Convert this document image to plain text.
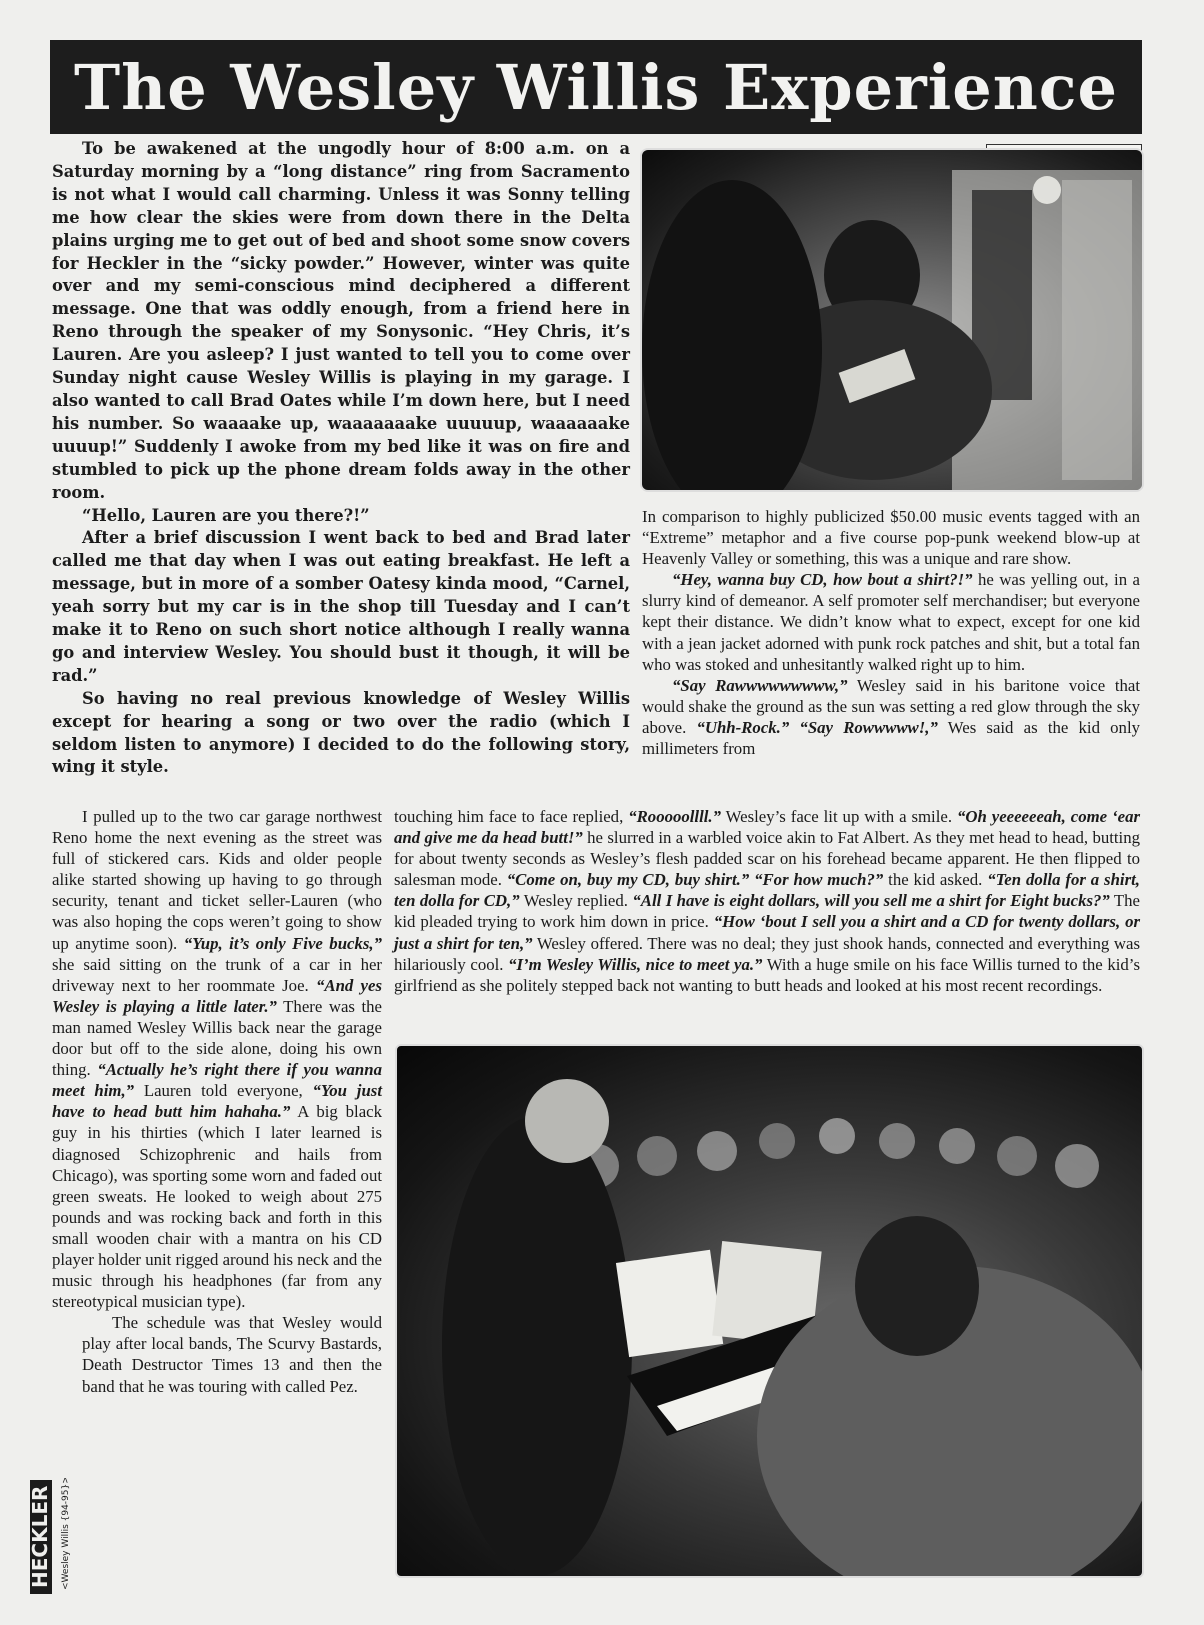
The Wesley Willis Experience

To be awakened at the ungodly hour of 8:00 a.m. on a Saturday morning by a “long distance” ring from Sacramento is not what I would call charming. Unless it was Sonny telling me how clear the skies were from down there in the Delta plains urging me to get out of bed and shoot some snow covers for Heckler in the “sicky powder.” However, winter was quite over and my semi-conscious mind deciphered a different message. One that was oddly enough, from a friend here in Reno through the speaker of my Sonysonic. “Hey Chris, it’s Lauren. Are you asleep? I just wanted to tell you to come over Sunday night cause Wesley Willis is playing in my garage. I also wanted to call Brad Oates while I’m down here, but I need his number. So waaaake up, waaaaaaake uuuuup, waaaaaake uuuup!” Suddenly I awoke from my bed like it was on fire and stumbled to pick up the phone dream folds away in the other room.

“Hello, Lauren are you there?!”

After a brief discussion I went back to bed and Brad later called me that day when I was out eating breakfast. He left a message, but in more of a somber Oatesy kinda mood, “Carnel, yeah sorry but my car is in the shop till Tuesday and I can’t make it to Reno on such short notice although I really wanna go and interview Wesley. You should bust it though, it will be rad.”

So having no real previous knowledge of Wesley Willis except for hearing a song or two over the radio (which I seldom listen to anymore) I decided to do the following story, wing it style.

In comparison to highly publicized $50.00 music events tagged with an “Extreme” metaphor and a five course pop-punk weekend blow-up at Heavenly Valley or something, this was a unique and rare show.

“Hey, wanna buy CD, how bout a shirt?!” he was yelling out, in a slurry kind of demeanor. A self promoter self merchandiser; but everyone kept their distance. We didn’t know what to expect, except for one kid with a jean jacket adorned with punk rock patches and shit, but a total fan who was stoked and unhesitantly walked right up to him.

“Say Rawwwwwwwww,” Wesley said in his baritone voice that would shake the ground as the sun was setting a red glow through the sky above. “Uhh-Rock.” “Say Rowwwww!,” Wes said as the kid only millimeters from

touching him face to face replied, “Rooooollll.” Wesley’s face lit up with a smile. “Oh yeeeeeeah, come ‘ear and give me da head butt!” he slurred in a warbled voice akin to Fat Albert. As they met head to head, butting for about twenty seconds as Wesley’s flesh padded scar on his forehead became apparent. He then flipped to salesman mode. “Come on, buy my CD, buy shirt.” “For how much?” the kid asked. “Ten dolla for a shirt, ten dolla for CD,” Wesley replied. “All I have is eight dollars, will you sell me a shirt for Eight bucks?” The kid pleaded trying to work him down in price. “How ‘bout I sell you a shirt and a CD for twenty dollars, or just a shirt for ten,” Wesley offered. There was no deal; they just shook hands, connected and everything was hilariously cool. “I’m Wesley Willis, nice to meet ya.” With a huge smile on his face Willis turned to the kid’s girlfriend as she politely stepped back not wanting to butt heads and looked at his most recent recordings.

I pulled up to the two car garage northwest Reno home the next evening as the street was full of stickered cars. Kids and older people alike started showing up having to go through security, tenant and ticket seller-Lauren (who was also hoping the cops weren’t going to show up anytime soon). “Yup, it’s only Five bucks,” she said sitting on the trunk of a car in her driveway next to her roommate Joe. “And yes Wesley is playing a little later.” There was the man named Wesley Willis back near the garage door but off to the side alone, doing his own thing. “Actually he’s right there if you wanna meet him,” Lauren told everyone, “You just have to head butt him hahaha.” A big black guy in his thirties (which I later learned is diagnosed Schizophrenic and hails from Chicago), was sporting some worn and faded out green sweats. He looked to weigh about 275 pounds and was rocking back and forth in this small wooden chair with a mantra on his CD player holder unit rigged around his neck and the music through his headphones (far from any stereotypical musician type).

The schedule was that Wesley would play after local bands, The Scurvy Bastards, Death Destructor Times 13 and then the band that he was touring with called Pez.

HECKLER <Wesley Willis {94-95}>
